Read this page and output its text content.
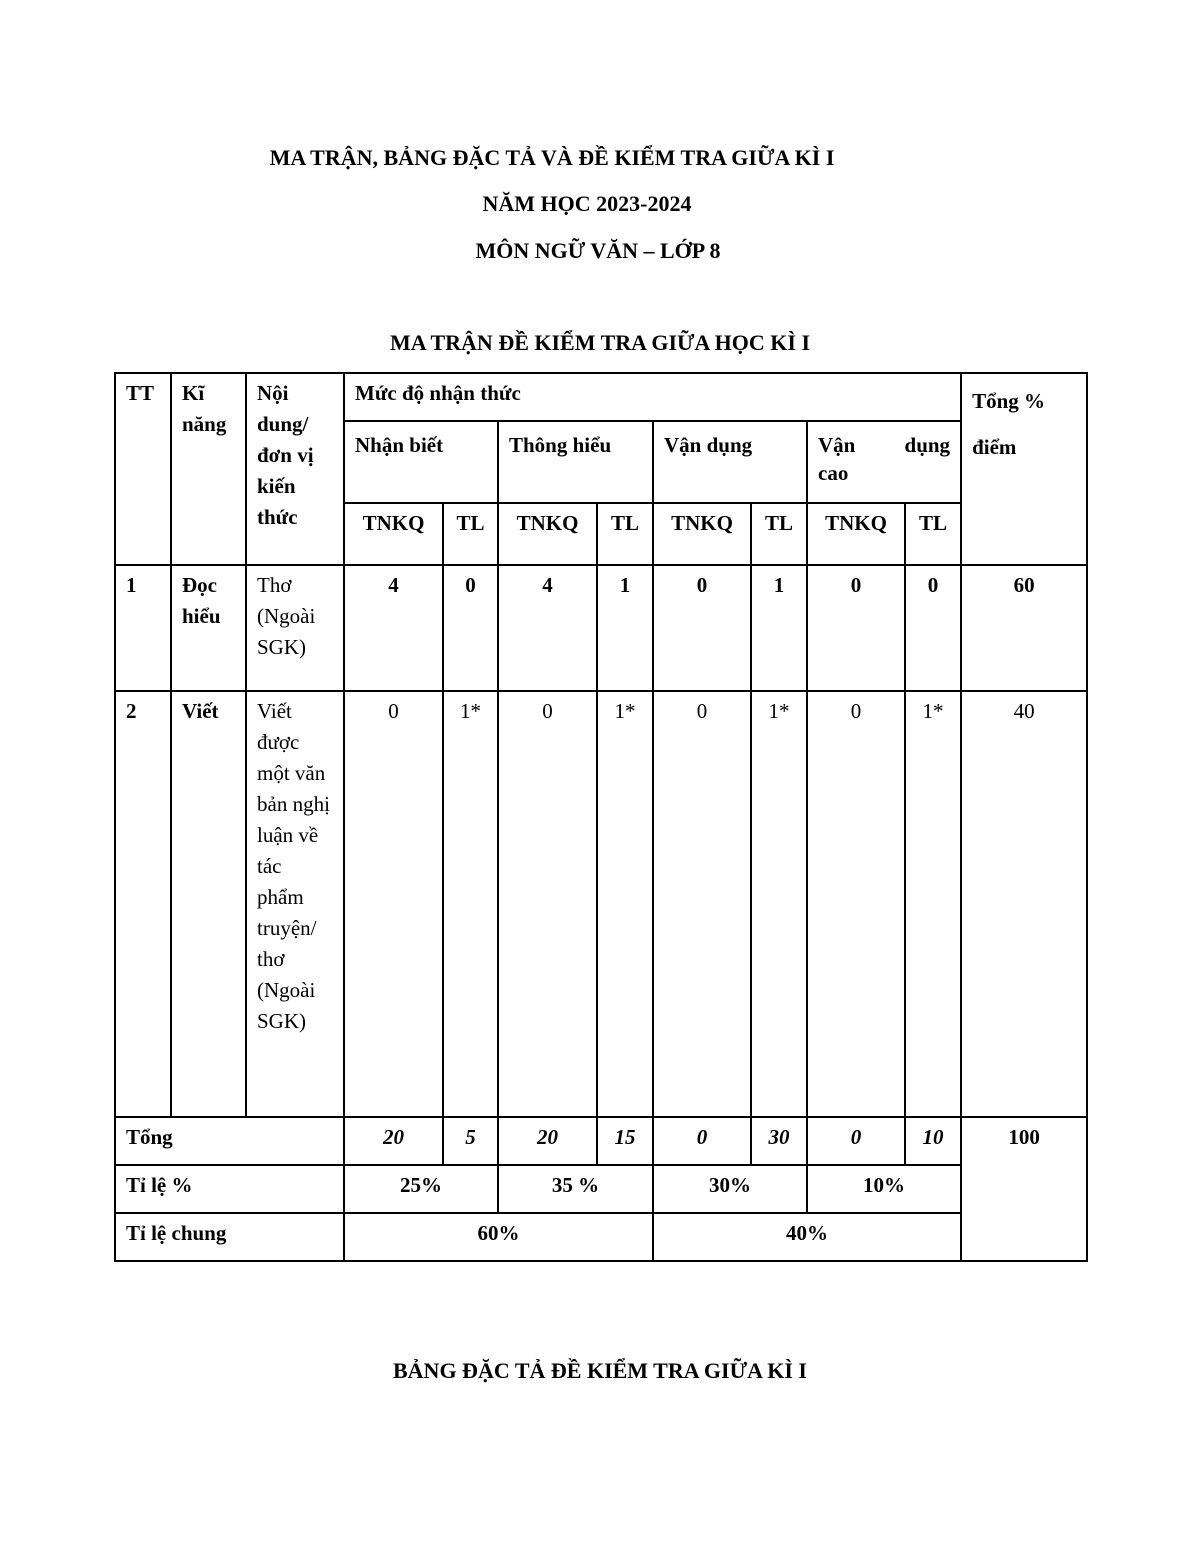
MA TRẬN, BẢNG ĐẶC TẢ VÀ ĐỀ KIỂM TRA GIỮA KÌ I
NĂM HỌC 2023-2024
MÔN NGỮ VĂN – LỚP 8
MA TRẬN ĐỀ KIỂM TRA GIỮA HỌC KÌ I
TT	Kĩ năng	Nội dung/ đơn vị kiến thức	Mức độ nhận thức								Tổng % điểm
			Nhận biết		Thông hiểu		Vận dụng		Vận dụng
cao		

			TNKQ	TL	TNKQ	TL	TNKQ	TL	TNKQ	TL	
1	Đọc hiểu	Thơ (Ngoài SGK)	4	0	4	1	0	1	0	0	60
2	Viết	Viết được một văn bản nghị luận về tác phẩm truyện/ thơ (Ngoài SGK)	0	1*	0	1*	0	1*	0	1*	40
Tổng			20	5	20	15	0	30	0	10	100
Tỉ lệ %			25%		35 %		30%		10%		
Tỉ lệ chung			60%				40%				
BẢNG ĐẶC TẢ ĐỀ KIỂM TRA GIỮA KÌ I
